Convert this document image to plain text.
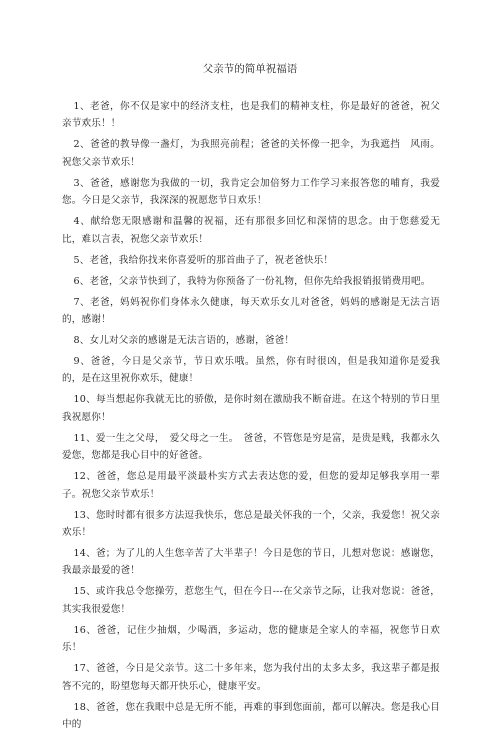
父亲节的简单祝福语

1、老爸，你不仅是家中的经济支柱，也是我们的精神支柱，你是最好的爸爸，祝父亲节欢乐！！

2、爸爸的教导像一盏灯，为我照亮前程；爸爸的关怀像一把伞，为我遮挡　风雨。祝您父亲节欢乐！

3、爸爸，感谢您为我做的一切，我肯定会加倍努力工作学习来报答您的哺育，我爱您。今日是父亲节，我深深的祝愿您节日欢乐！

4、献给您无限感谢和温馨的祝福，还有那很多回忆和深情的思念。由于您慈爱无比，难以言表，祝您父亲节欢乐！

5、老爸，我给你找来你喜爱听的那首曲子了，祝老爸快乐！

6、老爸，父亲节快到了，我特为你预备了一份礼物，但你先给我报销报销费用吧。

7、老爸，妈妈祝你们身体永久健康，每天欢乐女儿对爸爸，妈妈的感谢是无法言语的，感谢！

8、女儿对父亲的感谢是无法言语的，感谢，爸爸！

9、爸爸，今日是父亲节，节日欢乐哦。虽然，你有时很凶，但是我知道你是爱我的，是在这里祝你欢乐，健康！

10、每当想起你我就无比的骄傲，是你时刻在激励我不断奋进。在这个特别的节日里我祝愿你！

11、爱一生之父母，　爱父母之一生。　爸爸，不管您是穷是富，是贵是贱，我都永久爱您，您都是我心目中的好爸爸。

12、爸爸，您总是用最平淡最朴实方式去表达您的爱，但您的爱却足够我享用一辈子。祝您父亲节欢乐！

13、您时时都有很多方法逗我快乐，您总是最关怀我的一个，父亲，我爱您！祝父亲欢乐！

14、爸；为了儿的人生您辛苦了大半辈子！今日是您的节日，儿想对您说：感谢您，我最亲最爱的爸！

15、或许我总令您操劳，惹您生气，但在今日---在父亲节之际，让我对您说：爸爸，其实我很爱您！

16、爸爸，记住少抽烟，少喝酒，多运动，您的健康是全家人的幸福，祝您节日欢乐！

17、爸爸，今日是父亲节。这二十多年来，您为我付出的太多太多，我这辈子都是报答不完的，盼望您每天都开快乐心，健康平安。

18、爸爸，您在我眼中总是无所不能，再难的事到您面前，都可以解决。您是我心目中的
